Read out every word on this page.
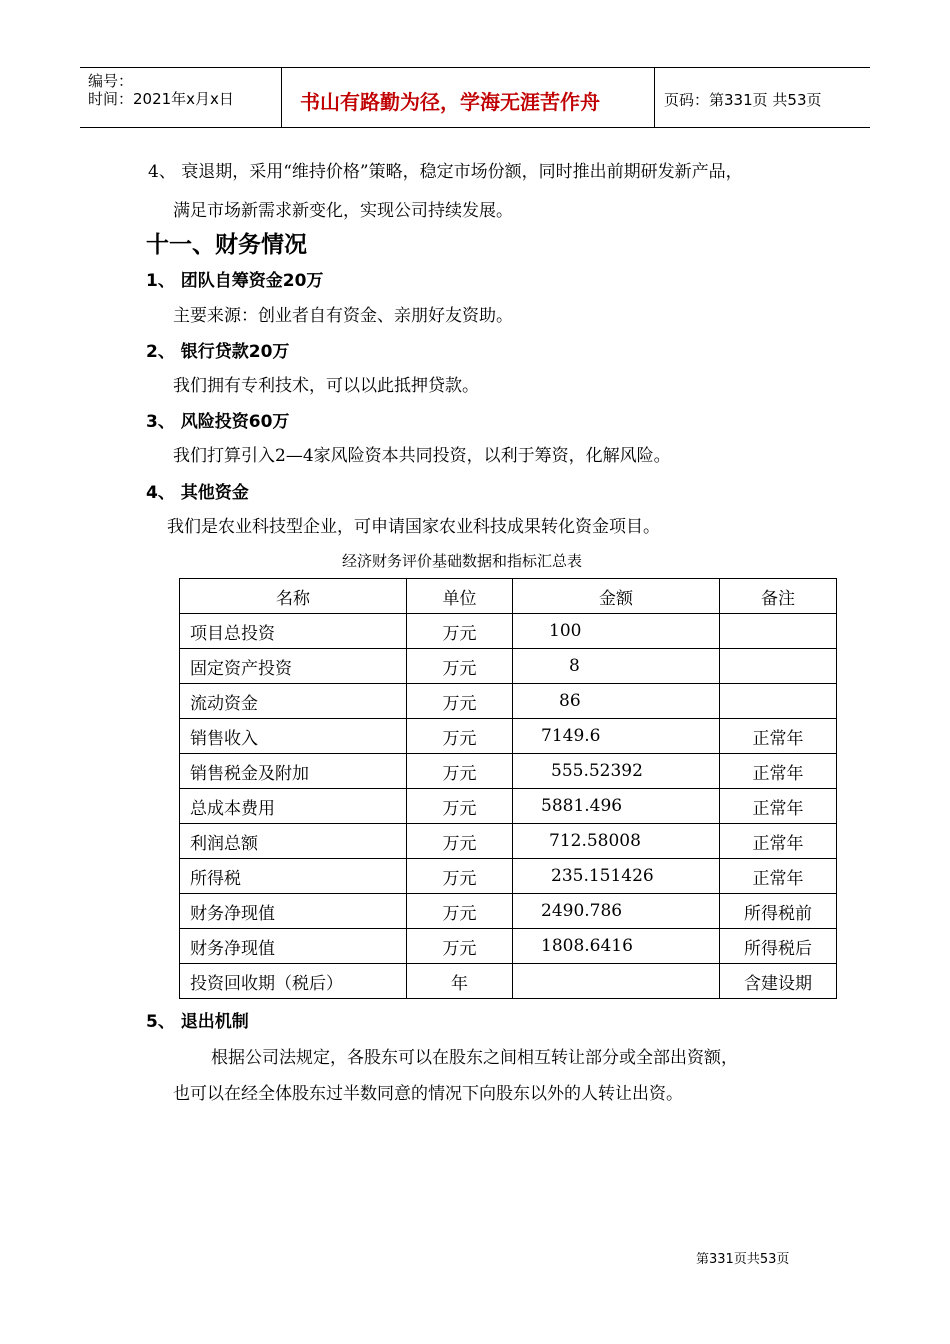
编号：
时间：2021年x月x日	书山有路勤为径，学海无涯苦作舟	页码：第331页 共53页
4、 衰退期，采用“维持价格”策略，稳定市场份额，同时推出前期研发新产品，
满足市场新需求新变化，实现公司持续发展。
十一、财务情况
1、 团队自筹资金20万
主要来源：创业者自有资金、亲朋好友资助。
2、 银行贷款20万
我们拥有专利技术，可以以此抵押贷款。
3、 风险投资60万
我们打算引入2—4家风险资本共同投资，以利于筹资，化解风险。
4、 其他资金
我们是农业科技型企业，可申请国家农业科技成果转化资金项目。
经济财务评价基础数据和指标汇总表
名称	单位	金额	备注
项目总投资	万元	100	
固定资产投资	万元	8	
流动资金	万元	86	
销售收入	万元	7149.6	正常年
销售税金及附加	万元	555.52392	正常年
总成本费用	万元	5881.496	正常年
利润总额	万元	712.58008	正常年
所得税	万元	235.151426	正常年
财务净现值	万元	2490.786	所得税前
财务净现值	万元	1808.6416	所得税后
投资回收期（税后）	年		含建设期
5、 退出机制
根据公司法规定，各股东可以在股东之间相互转让部分或全部出资额，
也可以在经全体股东过半数同意的情况下向股东以外的人转让出资。
第331页共53页
